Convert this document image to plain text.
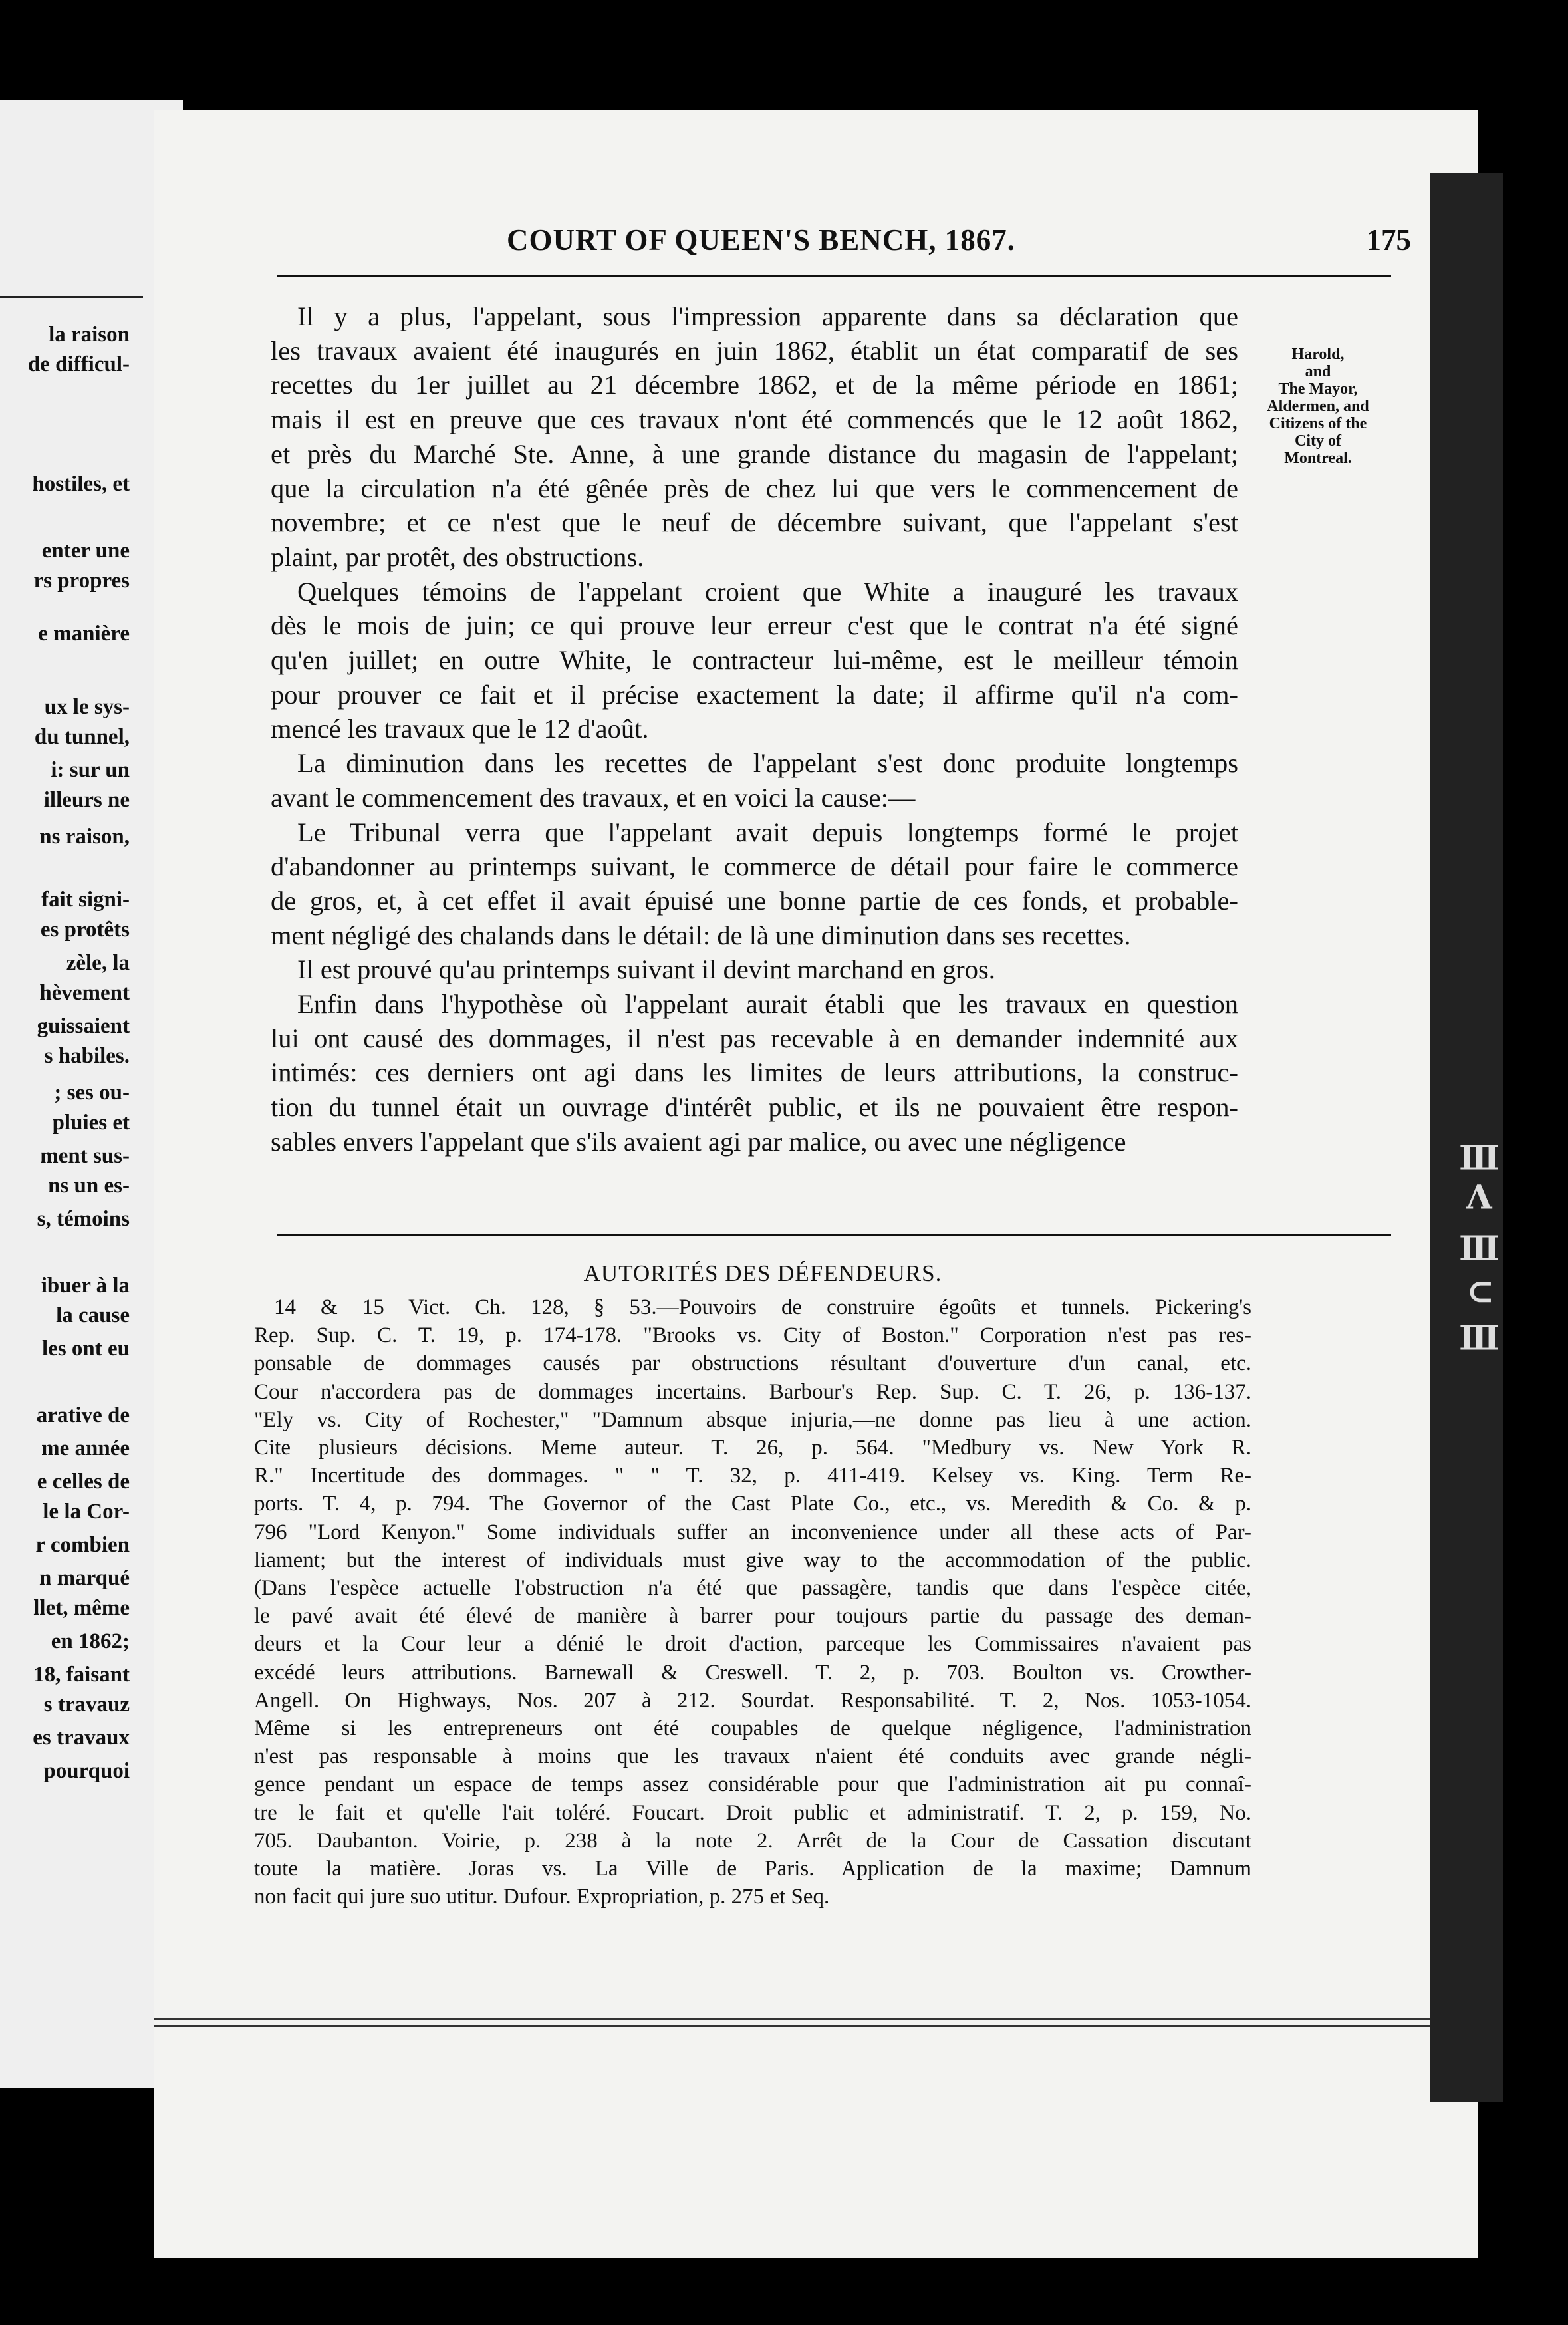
la raison
de difficul-
hostiles, et
enter une
rs propres
e manière
ux le sys-
du tunnel,
i: sur un
illeurs ne
ns raison,
fait signi-
es protêts
zèle, la
hèvement
guissaient
s habiles.
; ses ou-
pluies et
ment sus-
ns un es-
s, témoins
ibuer à la
la cause
les ont eu
arative de
me année
e celles de
le la Cor-
r combien
n marqué
llet, même
en 1862;
18, faisant
s travauz
es travaux
pourquoi
COURT OF QUEEN'S BENCH, 1867.	175
Harold,
and
The Mayor,
Aldermen, and
Citizens of the
City of
Montreal.

Il y a plus, l'appelant, sous l'impression apparente dans sa déclaration que
les travaux avaient été inaugurés en juin 1862, établit un état comparatif de ses
recettes du 1er juillet au 21 décembre 1862, et de la même période en 1861;
mais il est en preuve que ces travaux n'ont été commencés que le 12 août 1862,
et près du Marché Ste. Anne, à une grande distance du magasin de l'appelant;
que la circulation n'a été gênée près de chez lui que vers le commencement de
novembre; et ce n'est que le neuf de décembre suivant, que l'appelant s'est
plaint, par protêt, des obstructions.

Quelques témoins de l'appelant croient que White a inauguré les travaux
dès le mois de juin; ce qui prouve leur erreur c'est que le contrat n'a été signé
qu'en juillet; en outre White, le contracteur lui-même, est le meilleur témoin
pour prouver ce fait et il précise exactement la date; il affirme qu'il n'a com-
mencé les travaux que le 12 d'août.

La diminution dans les recettes de l'appelant s'est donc produite longtemps
avant le commencement des travaux, et en voici la cause:—

Le Tribunal verra que l'appelant avait depuis longtemps formé le projet
d'abandonner au printemps suivant, le commerce de détail pour faire le commerce
de gros, et, à cet effet il avait épuisé une bonne partie de ces fonds, et probable-
ment négligé des chalands dans le détail: de là une diminution dans ses recettes.

Il est prouvé qu'au printemps suivant il devint marchand en gros.

Enfin dans l'hypothèse où l'appelant aurait établi que les travaux en question
lui ont causé des dommages, il n'est pas recevable à en demander indemnité aux
intimés: ces derniers ont agi dans les limites de leurs attributions, la construc-
tion du tunnel était un ouvrage d'intérêt public, et ils ne pouvaient être respon-
sables envers l'appelant que s'ils avaient agi par malice, ou avec une négligence

AUTORITÉS DES DÉFENDEURS.
14 & 15 Vict. Ch. 128, § 53.—Pouvoirs de construire égoûts et tunnels. Pickering's
Rep. Sup. C. T. 19, p. 174-178. "Brooks vs. City of Boston." Corporation n'est pas res-
ponsable de dommages causés par obstructions résultant d'ouverture d'un canal, etc.
Cour n'accordera pas de dommages incertains. Barbour's Rep. Sup. C. T. 26, p. 136-137.
"Ely vs. City of Rochester," "Damnum absque injuria,—ne donne pas lieu à une action.
Cite plusieurs décisions. Meme auteur. T. 26, p. 564. "Medbury vs. New York R.
R." Incertitude des dommages. " " T. 32, p. 411-419. Kelsey vs. King. Term Re-
ports. T. 4, p. 794. The Governor of the Cast Plate Co., etc., vs. Meredith & Co. & p.
796 "Lord Kenyon." Some individuals suffer an inconvenience under all these acts of Par-
liament; but the interest of individuals must give way to the accommodation of the public.
(Dans l'espèce actuelle l'obstruction n'a été que passagère, tandis que dans l'espèce citée,
le pavé avait été élevé de manière à barrer pour toujours partie du passage des deman-
deurs et la Cour leur a dénié le droit d'action, parceque les Commissaires n'avaient pas
excédé leurs attributions. Barnewall & Creswell. T. 2, p. 703. Boulton vs. Crowther-
Angell. On Highways, Nos. 207 à 212. Sourdat. Responsabilité. T. 2, Nos. 1053-1054.
Même si les entrepreneurs ont été coupables de quelque négligence, l'administration
n'est pas responsable à moins que les travaux n'aient été conduits avec grande négli-
gence pendant un espace de temps assez considérable pour que l'administration ait pu connaî-
tre le fait et qu'elle l'ait toléré. Foucart. Droit public et administratif. T. 2, p. 159, No.
705. Daubanton. Voirie, p. 238 à la note 2. Arrêt de la Cour de Cassation discutant
toute la matière. Joras vs. La Ville de Paris. Application de la maxime; Damnum
non facit qui jure suo utitur. Dufour. Expropriation, p. 275 et Seq.
Ⅲ ∩ Ⅲ ⅤⅢ
